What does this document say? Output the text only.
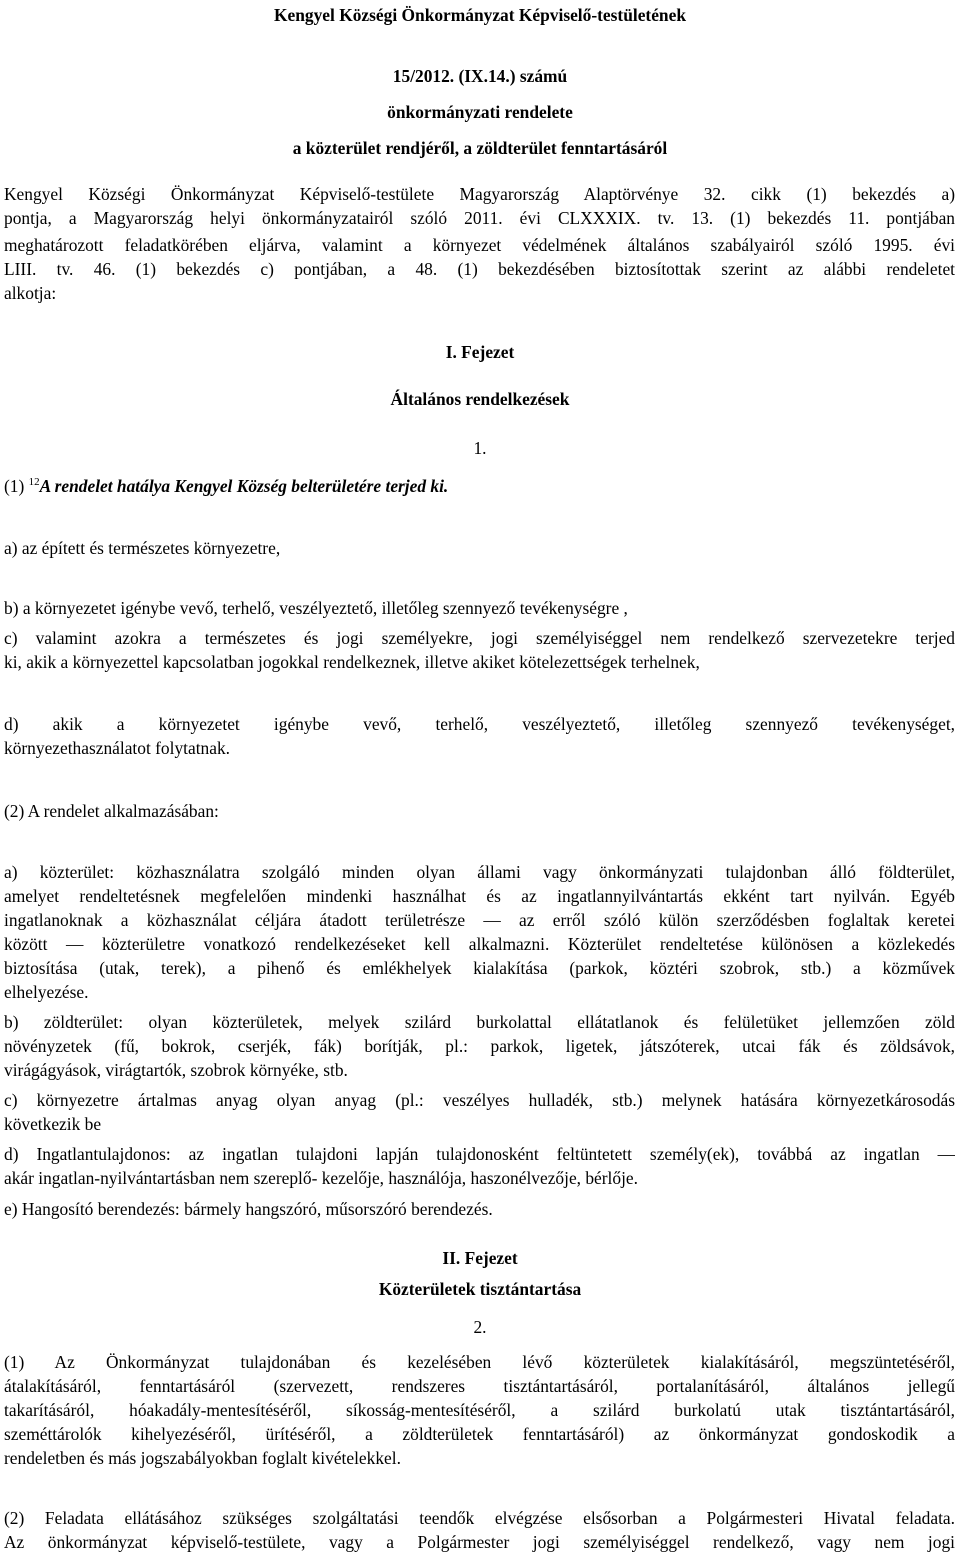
Kengyel Községi Önkormányzat Képviselő-testületének
15/2012. (IX.14.) számú
önkormányzati rendelete
a közterület rendjéről, a zöldterület fenntartásáról
Kengyel Községi Önkormányzat Képviselő-testülete Magyarország Alaptörvénye 32. cikk (1) bekezdés a)
pontja, a Magyarország helyi önkormányzatairól szóló 2011. évi CLXXXIX. tv. 13. (1) bekezdés 11. pontjában
meghatározott feladatkörében eljárva, valamint a környezet védelmének általános szabályairól szóló 1995. évi
LIII. tv. 46. (1) bekezdés c) pontjában, a 48. (1) bekezdésében biztosítottak szerint az alábbi rendeletet
alkotja:
I. Fejezet
Általános rendelkezések
1.
(1) $^{12}$A rendelet hatálya Kengyel Község belterületére terjed ki.
a) az épített és természetes környezetre,
b) a környezetet igénybe vevő, terhelő, veszélyeztető, illetőleg szennyező tevékenységre ,
c) valamint azokra a természetes és jogi személyekre, jogi személyiséggel nem rendelkező szervezetekre terjed
ki, akik a környezettel kapcsolatban jogokkal rendelkeznek, illetve akiket kötelezettségek terhelnek,
d) akik a környezetet igénybe vevő, terhelő, veszélyeztető, illetőleg szennyező tevékenységet,
környezethasználatot folytatnak.
(2) A rendelet alkalmazásában:
a) közterület: közhasználatra szolgáló minden olyan állami vagy önkormányzati tulajdonban álló földterület,
amelyet rendeltetésnek megfelelően mindenki használhat és az ingatlannyilvántartás ekként tart nyilván. Egyéb
ingatlanoknak a közhasználat céljára átadott területrésze — az erről szóló külön szerződésben foglaltak keretei
között — közterületre vonatkozó rendelkezéseket kell alkalmazni. Közterület rendeltetése különösen a közlekedés
biztosítása (utak, terek), a pihenő és emlékhelyek kialakítása (parkok, köztéri szobrok, stb.) a közművek
elhelyezése.
b) zöldterület: olyan közterületek, melyek szilárd burkolattal ellátatlanok és felületüket jellemzően zöld
növényzetek (fű, bokrok, cserjék, fák) borítják, pl.: parkok, ligetek, játszóterek, utcai fák és zöldsávok,
virágágyások, virágtartók, szobrok környéke, stb.
c) környezetre ártalmas anyag olyan anyag (pl.: veszélyes hulladék, stb.) melynek hatására környezetkárosodás
következik be
d) Ingatlantulajdonos: az ingatlan tulajdoni lapján tulajdonosként feltüntetett személy(ek), továbbá az ingatlan —
akár ingatlan-nyilvántartásban nem szereplő- kezelője, használója, haszonélvezője, bérlője.
e) Hangosító berendezés: bármely hangszóró, műsorszóró berendezés.
II. Fejezet
Közterületek tisztántartása
2.
(1) Az Önkormányzat tulajdonában és kezelésében lévő közterületek kialakításáról, megszüntetéséről,
átalakításáról, fenntartásáról (szervezett, rendszeres tisztántartásáról, portalanításáról, általános jellegű
takarításáról, hóakadály-mentesítéséről, síkosság-mentesítéséről, a szilárd burkolatú utak tisztántartásáról,
szeméttárolók kihelyezéséről, ürítéséről, a zöldterületek fenntartásáról) az önkormányzat gondoskodik a
rendeletben és más jogszabályokban foglalt kivételekkel.
(2) Feladata ellátásához szükséges szolgáltatási teendők elvégzése elsősorban a Polgármesteri Hivatal feladata.
Az önkormányzat képviselő-testülete, vagy a Polgármester jogi személyiséggel rendelkező, vagy nem jogi
